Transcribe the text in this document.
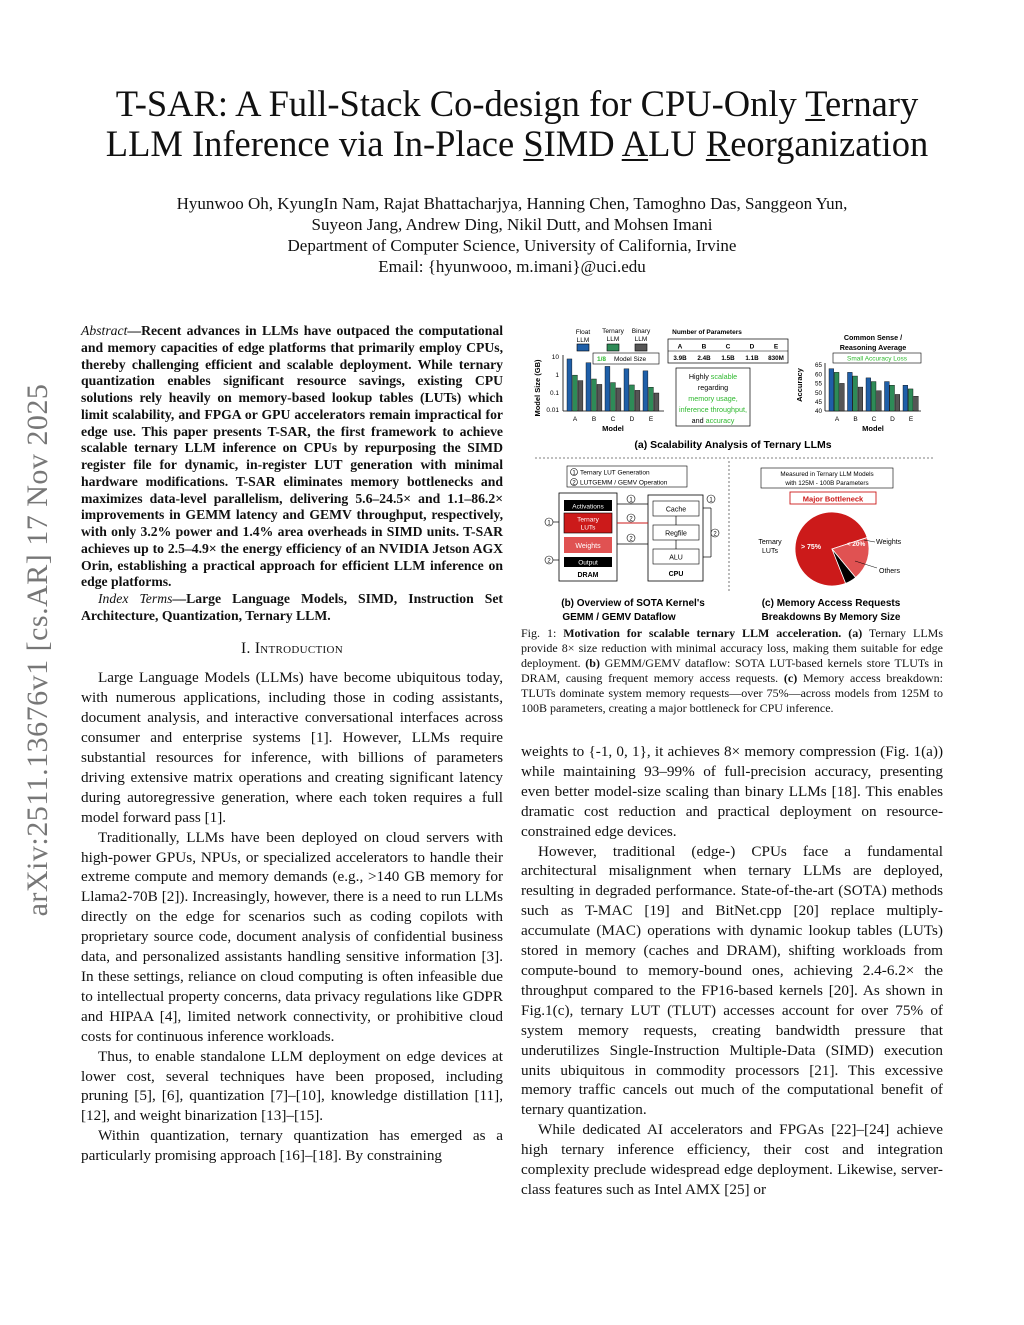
arXiv:2511.13676v1 [cs.AR] 17 Nov 2025
T-SAR: A Full-Stack Co-design for CPU-Only Ternary
LLM Inference via In-Place SIMD ALU Reorganization
Hyunwoo Oh, KyungIn Nam, Rajat Bhattacharjya, Hanning Chen, Tamoghno Das, Sanggeon Yun,
Suyeon Jang, Andrew Ding, Nikil Dutt, and Mohsen Imani
Department of Computer Science, University of California, Irvine
Email: {hyunwooo, m.imani}@uci.edu

Abstract—Recent advances in LLMs have outpaced the computational and memory capacities of edge platforms that primarily employ CPUs, thereby challenging efficient and scalable deployment. While ternary quantization enables significant resource savings, existing CPU solutions rely heavily on memory-based lookup tables (LUTs) which limit scalability, and FPGA or GPU accelerators remain impractical for edge use. This paper presents T-SAR, the first framework to achieve scalable ternary LLM inference on CPUs by repurposing the SIMD register file for dynamic, in-register LUT generation with minimal hardware modifications. T-SAR eliminates memory bottlenecks and maximizes data-level parallelism, delivering 5.6–24.5× and 1.1–86.2× improvements in GEMM latency and GEMV throughput, respectively, with only 3.2% power and 1.4% area overheads in SIMD units. T-SAR achieves up to 2.5–4.9× the energy efficiency of an NVIDIA Jetson AGX Orin, establishing a practical approach for efficient LLM inference on edge platforms.

Index Terms—Large Language Models, SIMD, Instruction Set Architecture, Quantization, Ternary LLM.

I. Introduction

Large Language Models (LLMs) have become ubiquitous today, with numerous applications, including those in coding assistants, document analysis, and interactive conversational interfaces across consumer and enterprise systems [1]. However, LLMs require substantial resources for inference, with billions of parameters driving extensive matrix operations and creating significant latency during autoregressive generation, where each token requires a full model forward pass [1].

Traditionally, LLMs have been deployed on cloud servers with high-power GPUs, NPUs, or specialized accelerators to handle their extreme compute and memory demands (e.g., >140 GB memory for Llama2-70B [2]). Increasingly, however, there is a need to run LLMs directly on the edge for scenarios such as coding copilots with proprietary source code, document analysis of confidential business data, and personalized assistants handling sensitive information [3]. In these settings, reliance on cloud computing is often infeasible due to intellectual property concerns, data privacy regulations like GDPR and HIPAA [4], limited network connectivity, or prohibitive cloud costs for continuous inference workloads.

Thus, to enable standalone LLM deployment on edge devices at lower cost, several techniques have been proposed, including pruning [5], [6], quantization [7]–[10], knowledge distillation [11], [12], and weight binarization [13]–[15].

Within quantization, ternary quantization has emerged as a particularly promising approach [16]–[18]. By constraining

Float
LLM
Ternary
LLM
Binary
LLM
Model Size (GB)
10
1
0.1
0.01
A B C D E
Model
1/8 Model Size
Number of Parameters
A
3.9B
B
2.4B
C
1.5B
D
1.1B
E
830M
Highly scalable
regarding
memory usage,
inference throughput,
and accuracy
Common Sense /
Reasoning Average
Small Accuracy Loss
Accuracy
65
60
55
50
45
40
A B C D E
Model
(a) Scalability Analysis of Ternary LLMs
1 Ternary LUT Generation
2 LUTGEMM / GEMV Operation
Activations
Ternary
LUTs
Weights
Output
DRAM
Cache
Regfile
ALU
CPU
1
2
2
1
2
1
2
(b) Overview of SOTA Kernel's
GEMM / GEMV Dataflow
Measured in Ternary LLM Models
with 125M - 100B Parameters
Major Bottleneck
Ternary
LUTs
> 75%	< 20% Weights
Others
(c) Memory Access Requests
Breakdowns By Memory Size
Fig. 1: Motivation for scalable ternary LLM acceleration. (a) Ternary LLMs provide 8× size reduction with minimal accuracy loss, making them suitable for edge deployment. (b) GEMM/GEMV dataflow: SOTA LUT-based kernels store TLUTs in DRAM, causing frequent memory access requests. (c) Memory access breakdown: TLUTs dominate system memory requests—over 75%—across models from 125M to 100B parameters, creating a major bottleneck for CPU inference.

weights to {-1, 0, 1}, it achieves 8× memory compression (Fig. 1(a)) while maintaining 93–99% of full-precision accuracy, presenting even better model-size scaling than binary LLMs [18]. This enables dramatic cost reduction and practical deployment on resource-constrained edge devices.

However, traditional (edge-) CPUs face a fundamental architectural misalignment when ternary LLMs are deployed, resulting in degraded performance. State-of-the-art (SOTA) methods such as T-MAC [19] and BitNet.cpp [20] replace multiply-accumulate (MAC) operations with dynamic lookup tables (LUTs) stored in memory (caches and DRAM), shifting workloads from compute-bound to memory-bound ones, achieving 2.4-6.2× the throughput compared to the FP16-based kernels [20]. As shown in Fig.1(c), ternary LUT (TLUT) accesses account for over 75% of system memory requests, creating bandwidth pressure that underutilizes Single-Instruction Multiple-Data (SIMD) execution units ubiquitous in commodity processors [21]. This excessive memory traffic cancels out much of the computational benefit of ternary quantization.

While dedicated AI accelerators and FPGAs [22]–[24] achieve high ternary inference efficiency, their cost and integration complexity preclude widespread edge deployment. Likewise, server-class features such as Intel AMX [25] or
